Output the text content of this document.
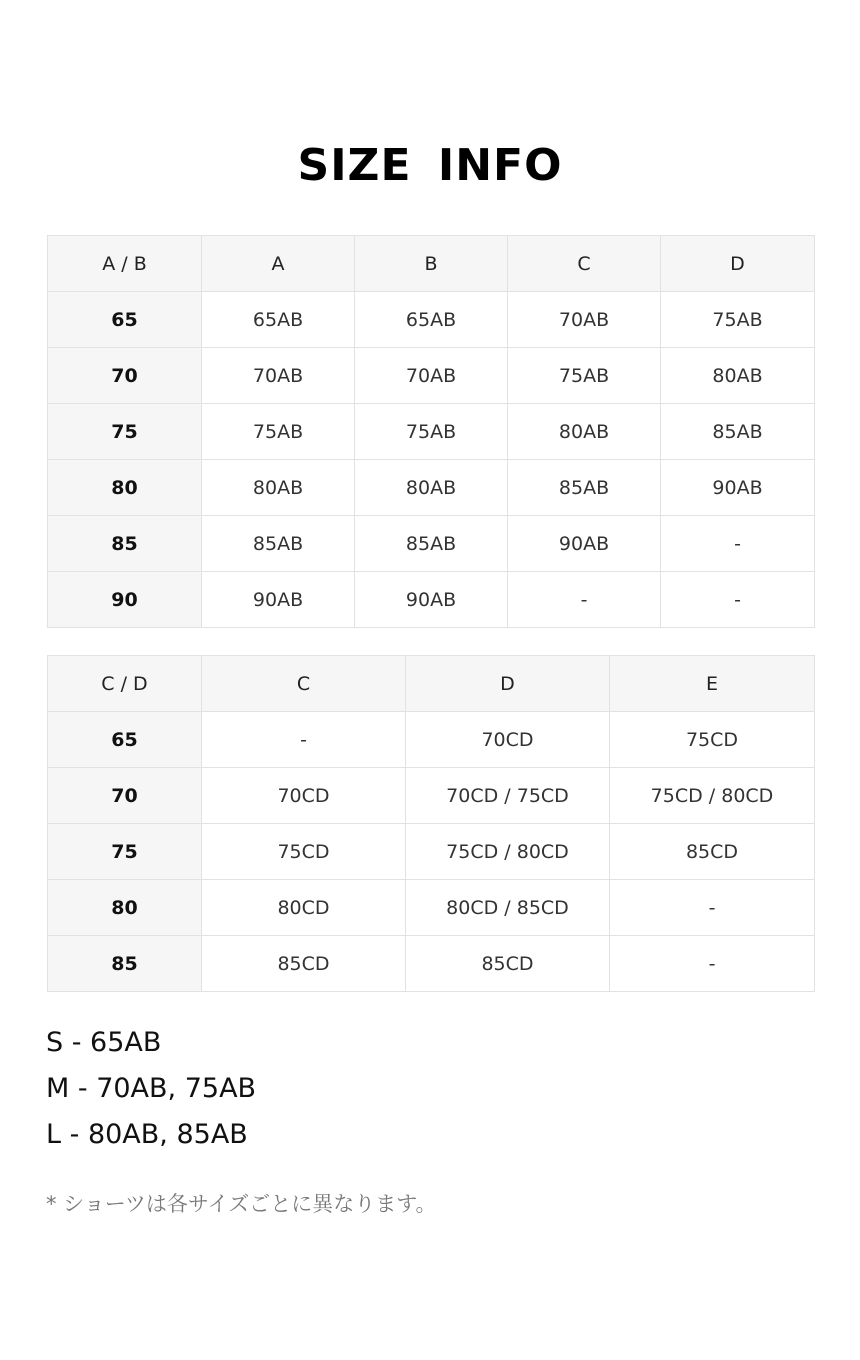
SIZE INFO
A / B	A	B	C	D
65	65AB	65AB	70AB	75AB
70	70AB	70AB	75AB	80AB
75	75AB	75AB	80AB	85AB
80	80AB	80AB	85AB	90AB
85	85AB	85AB	90AB	-
90	90AB	90AB	-	-
C / D	C	D	E
65	-	70CD	75CD
70	70CD	70CD / 75CD	75CD / 80CD
75	75CD	75CD / 80CD	85CD
80	80CD	80CD / 85CD	-
85	85CD	85CD	-
S - 65AB
M - 70AB, 75AB
L - 80AB, 85AB
* ショーツは各サイズごとに異なります。
